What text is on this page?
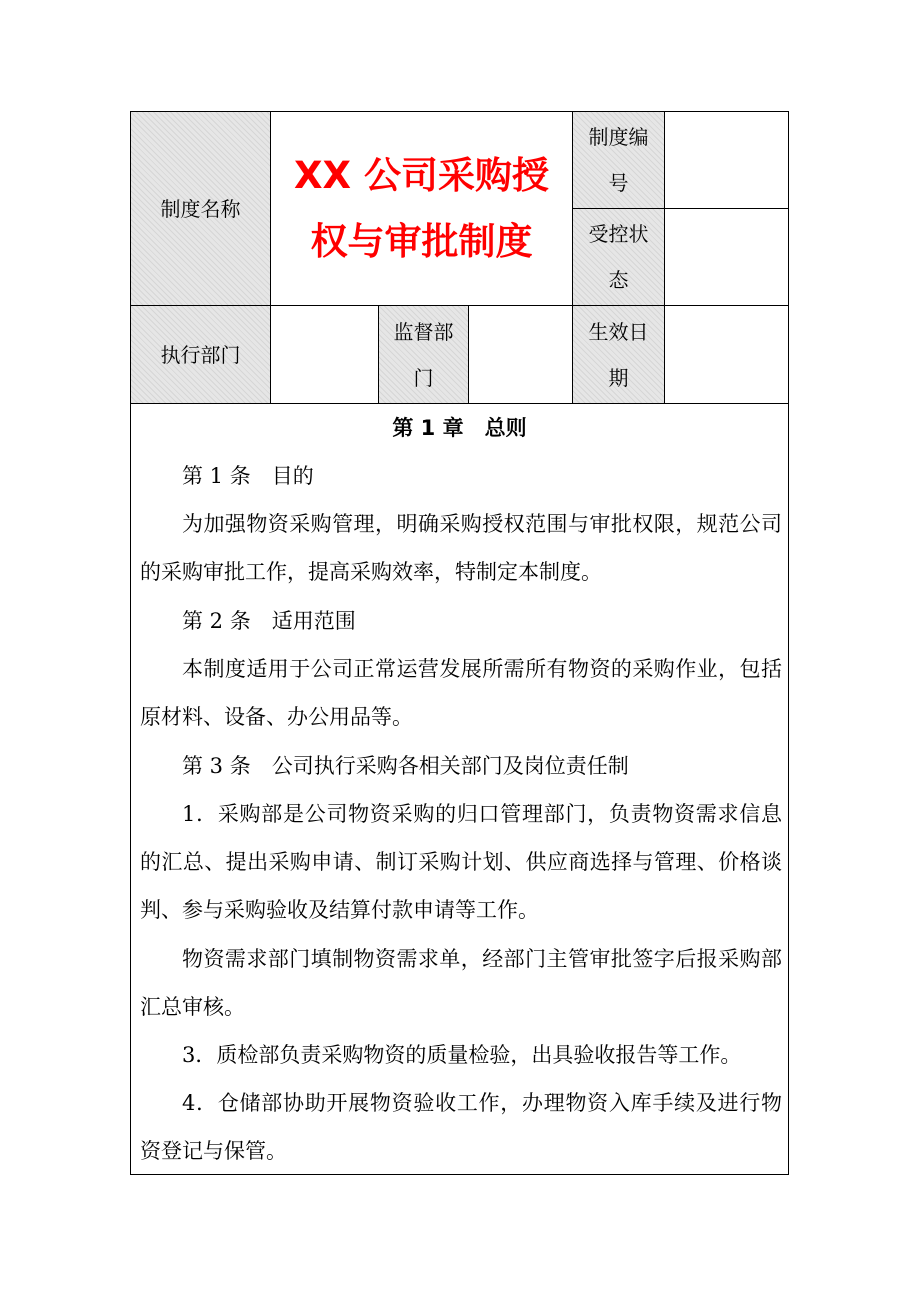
制度名称
XX 公司采购授
权与审批制度
制度编
号
受控状
态
执行部门
监督部
门
生效日
期
第 1 章　总则
第 1 条　目的
为加强物资采购管理，明确采购授权范围与审批权限，规范公司的采购审批工作，提高采购效率，特制定本制度。
第 2 条　适用范围
本制度适用于公司正常运营发展所需所有物资的采购作业，包括原材料、设备、办公用品等。
第 3 条　公司执行采购各相关部门及岗位责任制
1．采购部是公司物资采购的归口管理部门，负责物资需求信息的汇总、提出采购申请、制订采购计划、供应商选择与管理、价格谈判、参与采购验收及结算付款申请等工作。
物资需求部门填制物资需求单，经部门主管审批签字后报采购部汇总审核。
3．质检部负责采购物资的质量检验，出具验收报告等工作。
4．仓储部协助开展物资验收工作，办理物资入库手续及进行物资登记与保管。
